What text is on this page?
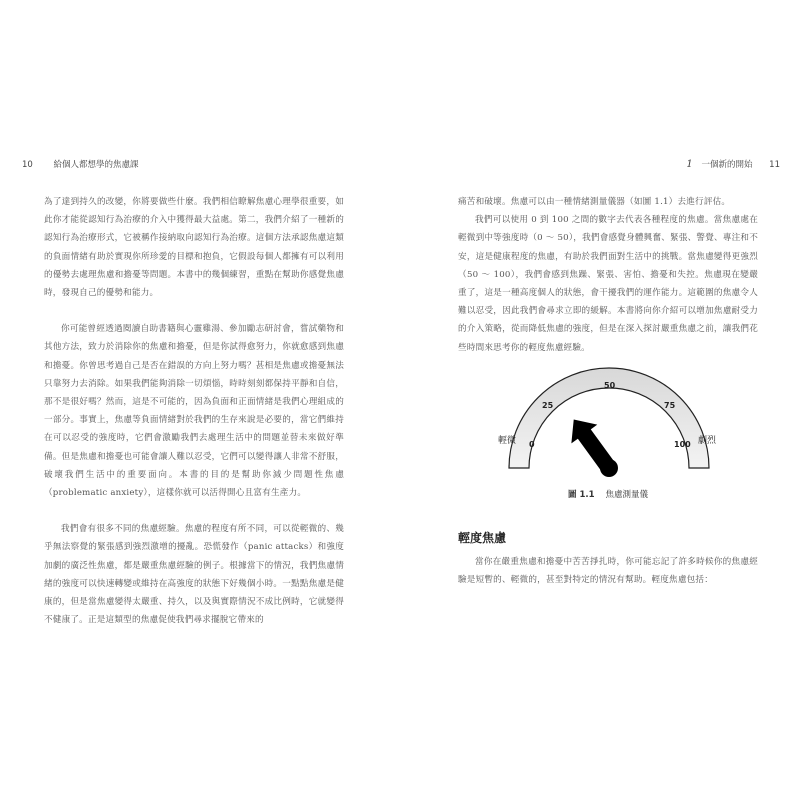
10 給個人都想學的焦慮課	1 一個新的開始 11

為了達到持久的改變，你將要做些什麼。我們相信瞭解焦慮心理學很重要，如此你才能從認知行為治療的介入中獲得最大益處。第二，我們介紹了一種新的認知行為治療形式，它被稱作接納取向認知行為治療。這個方法承認焦慮這類的負面情緒有助於實現你所珍愛的目標和抱負，它假設每個人都擁有可以利用的優勢去處理焦慮和擔憂等問題。本書中的幾個練習，重點在幫助你感覺焦慮時，發現自己的優勢和能力。

你可能曾經透過閱讀自助書籍與心靈雞湯、參加勵志研討會，嘗試藥物和其他方法，致力於消除你的焦慮和擔憂，但是你試得愈努力，你就愈感到焦慮和擔憂。你曾思考過自己是否在錯誤的方向上努力嗎？甚相是焦慮或擔憂無法只靠努力去消除。如果我們能夠消除一切煩惱，時時刻刻都保持平靜和自信，那不是很好嗎？然而，這是不可能的，因為負面和正面情緒是我們心理組成的一部分。事實上，焦慮等負面情緒對於我們的生存來說是必要的，當它們維持在可以忍受的強度時，它們會激勵我們去處理生活中的問題並替未來做好準備。但是焦慮和擔憂也可能會讓人難以忍受，它們可以變得讓人非常不舒服，破壞我們生活中的重要面向。本書的目的是幫助你減少問題性焦慮（problematic anxiety），這樣你就可以活得開心且富有生產力。

我們會有很多不同的焦慮經驗。焦慮的程度有所不同，可以從輕微的、幾乎無法察覺的緊張感到強烈激增的擾亂。恐慌發作（panic attacks）和強度加劇的廣泛性焦慮，都是嚴重焦慮經驗的例子。根據當下的情況，我們焦慮情緒的強度可以快速轉變或維持在高強度的狀態下好幾個小時。一點點焦慮是健康的，但是當焦慮變得太嚴重、持久，以及與實際情況不成比例時，它就變得不健康了。正是這類型的焦慮促使我們尋求擺脫它帶來的

痛苦和破壞。焦慮可以由一種情緒測量儀器（如圖 1.1）去進行評估。

我們可以使用 0 到 100 之間的數字去代表各種程度的焦慮。當焦慮處在輕微到中等強度時（0 ～ 50），我們會感覺身體興奮、緊張、警覺、專注和不安，這是健康程度的焦慮，有助於我們面對生活中的挑戰。當焦慮變得更強烈（50 ～ 100），我們會感到焦躁、緊張、害怕、擔憂和失控。焦慮現在變嚴重了，這是一種高度個人的狀態，會干擾我們的運作能力。這範圍的焦慮令人難以忍受，因此我們會尋求立即的緩解。本書將向你介紹可以增加焦慮耐受力的介入策略，從而降低焦慮的強度，但是在深入探討嚴重焦慮之前，讓我們花些時間來思考你的輕度焦慮經驗。

0
25
50
75
100
輕微	劇烈
圖 1.1 焦慮測量儀
輕度焦慮

當你在嚴重焦慮和擔憂中苦苦掙扎時，你可能忘記了許多時候你的焦慮經驗是短暫的、輕微的，甚至對特定的情況有幫助。輕度焦慮包括：
